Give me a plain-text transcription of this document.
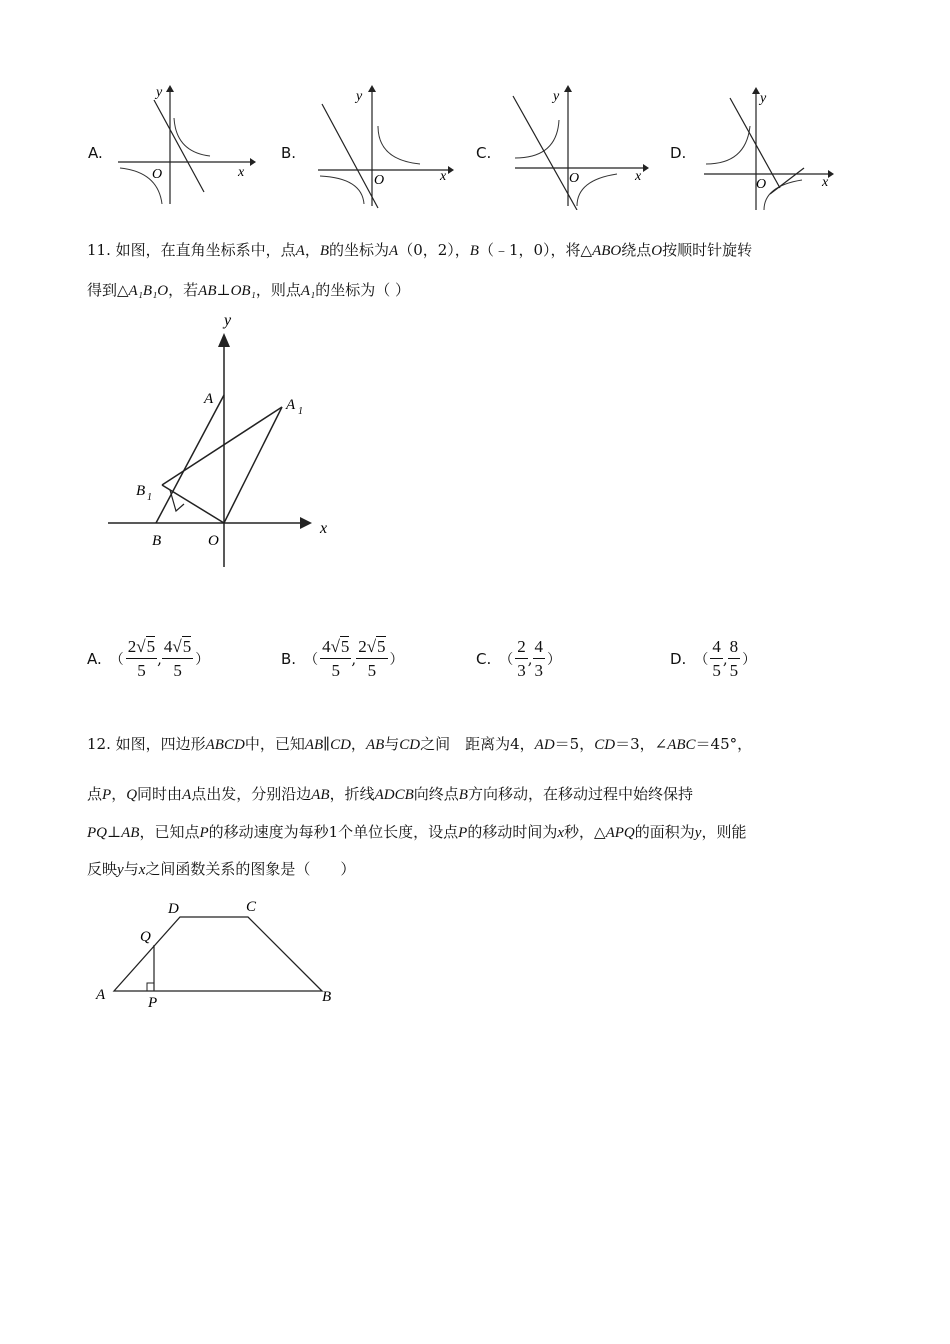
A.
y
x
O
B.
y
x
O
C.
y
x
O
D.
y
x
O
11. 如图，在直角坐标系中，点A，B的坐标为A（0，2），B（﹣1，0），将△ABO绕点O按顺时针旋转
得到△A₁B₁O，若AB⊥OB₁，则点A₁的坐标为（ ）
y
x
A	A 1
B 1
B	O
A. （ $\frac{2√5}{5}$ , $\frac{4√5}{5}$ ）	B. （ $\frac{4√5}{5}$ , $\frac{2√5}{5}$ ）	C. （ $\frac{2}{3}$ , $\frac{4}{3}$ ）	D. （ $\frac{4}{5}$ , $\frac{8}{5}$ ）
12. 如图，四边形ABCD中，已知AB∥CD，AB与CD之间　距离为4，AD＝5，CD＝3，∠ABC＝45°，
点P，Q同时由A点出发，分别沿边AB，折线ADCB向终点B方向移动，在移动过程中始终保持
PQ⊥AB，已知点P的移动速度为每秒1个单位长度，设点P的移动时间为x秒，△APQ的面积为y，则能
反映y与x之间函数关系的图象是（　　）
A	B
C
D
P
Q
